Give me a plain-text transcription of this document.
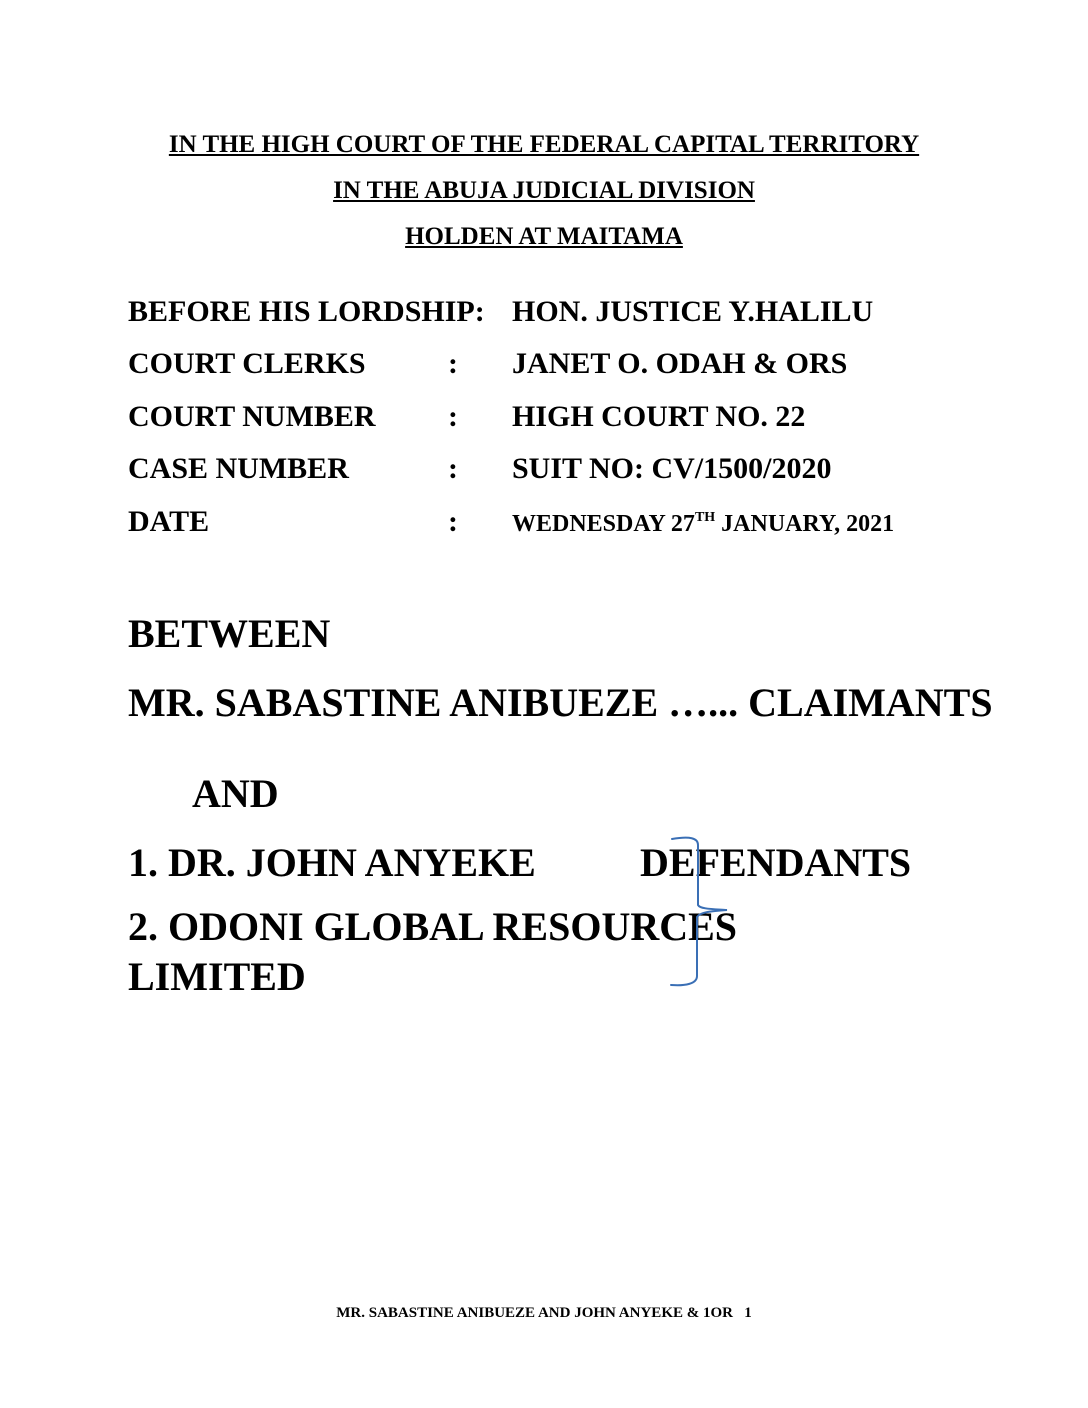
IN THE HIGH COURT OF THE FEDERAL CAPITAL TERRITORY
IN THE ABUJA JUDICIAL DIVISION
HOLDEN AT MAITAMA
BEFORE HIS LORDSHIP: HON. JUSTICE Y.HALILU
COURT CLERKS	: JANET O. ODAH & ORS
COURT NUMBER : HIGH COURT NO. 22
CASE NUMBER	: SUIT NO: CV/1500/2020
DATE	: WEDNESDAY 27TH JANUARY, 2021
BETWEEN
MR. SABASTINE ANIBUEZE …... CLAIMANTS
AND
1. DR. JOHN ANYEKE	DEFENDANTS
2. ODONI GLOBAL RESOURCES
LIMITED
MR. SABASTINE ANIBUEZE AND JOHN ANYEKE & 1OR 1
